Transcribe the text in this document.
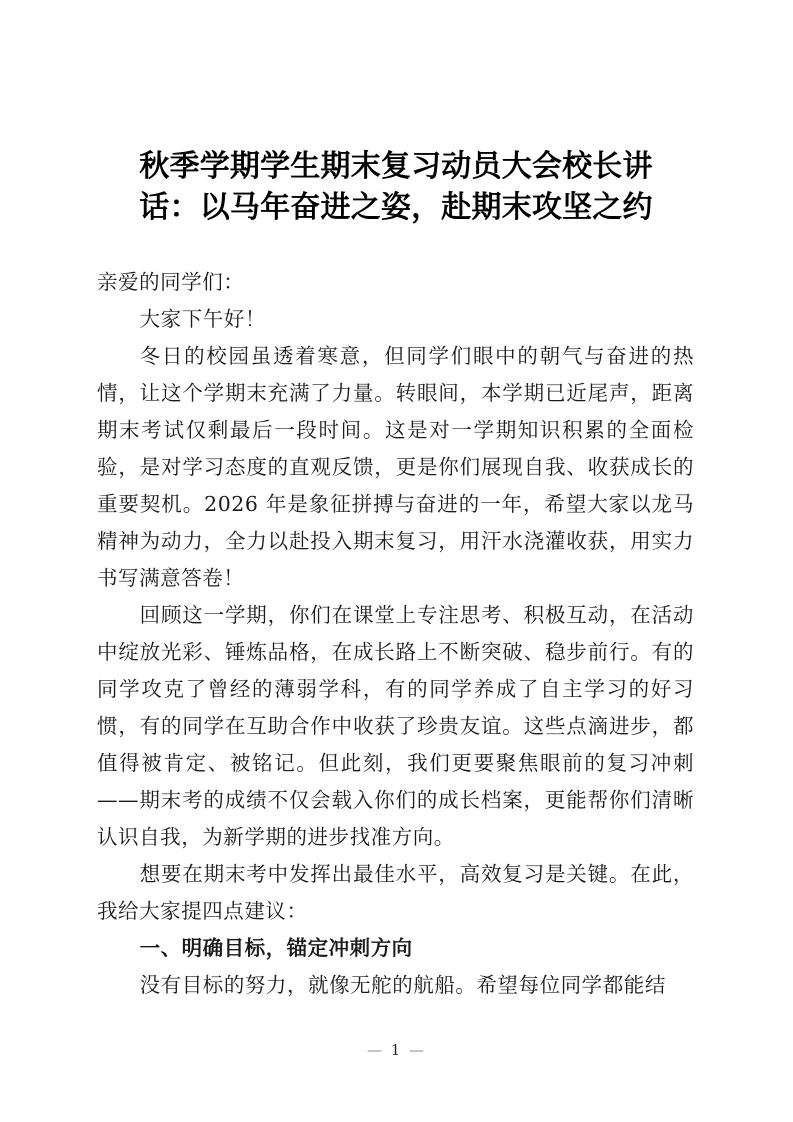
秋季学期学生期末复习动员大会校长讲
话：以马年奋进之姿，赴期末攻坚之约

亲爱的同学们：

大家下午好！

冬日的校园虽透着寒意，但同学们眼中的朝气与奋进的热情，让这个学期末充满了力量。转眼间，本学期已近尾声，距离期末考试仅剩最后一段时间。这是对一学期知识积累的全面检验，是对学习态度的直观反馈，更是你们展现自我、收获成长的重要契机。2026 年是象征拼搏与奋进的一年，希望大家以龙马精神为动力，全力以赴投入期末复习，用汗水浇灌收获，用实力书写满意答卷！

回顾这一学期，你们在课堂上专注思考、积极互动，在活动中绽放光彩、锤炼品格，在成长路上不断突破、稳步前行。有的同学攻克了曾经的薄弱学科，有的同学养成了自主学习的好习惯，有的同学在互助合作中收获了珍贵友谊。这些点滴进步，都值得被肯定、被铭记。但此刻，我们更要聚焦眼前的复习冲刺——期末考的成绩不仅会载入你们的成长档案，更能帮你们清晰认识自我，为新学期的进步找准方向。

想要在期末考中发挥出最佳水平，高效复习是关键。在此，我给大家提四点建议：

一、明确目标，锚定冲刺方向

没有目标的努力，就像无舵的航船。希望每位同学都能结

— 1 —
